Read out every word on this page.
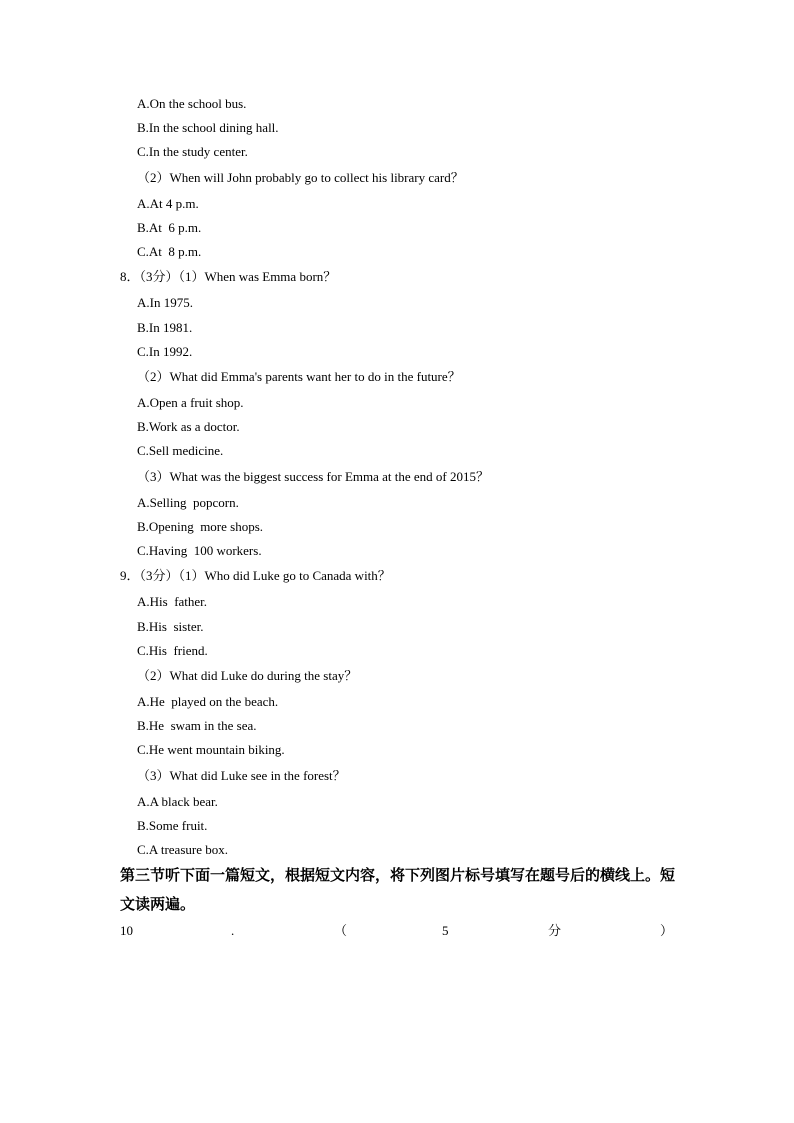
A.On the school bus.
B.In the school dining hall.
C.In the study center.
（2）When will John probably go to collect his library card？
A.At 4 p.m.
B.At  6 p.m.
C.At  8 p.m.
8．（3分）（1）When was Emma born？
A.In 1975.
B.In 1981.
C.In 1992.
（2）What did Emma's parents want her to do in the future？
A.Open a fruit shop.
B.Work as a doctor.
C.Sell medicine.
（3）What was the biggest success for Emma at the end of 2015？
A.Selling  popcorn.
B.Opening  more shops.
C.Having  100 workers.
9．（3分）（1）Who did Luke go to Canada with？
A.His  father.
B.His  sister.
C.His  friend.
（2）What did Luke do during the stay？
A.He  played on the beach.
B.He  swam in the sea.
C.He went mountain biking.
（3）What did Luke see in the forest？
A.A black bear.
B.Some fruit.
C.A treasure box.
第三节听下面一篇短文，根据短文内容，将下列图片标号填写在题号后的横线上。短文读两遍。
10	.	（	5	分	）
